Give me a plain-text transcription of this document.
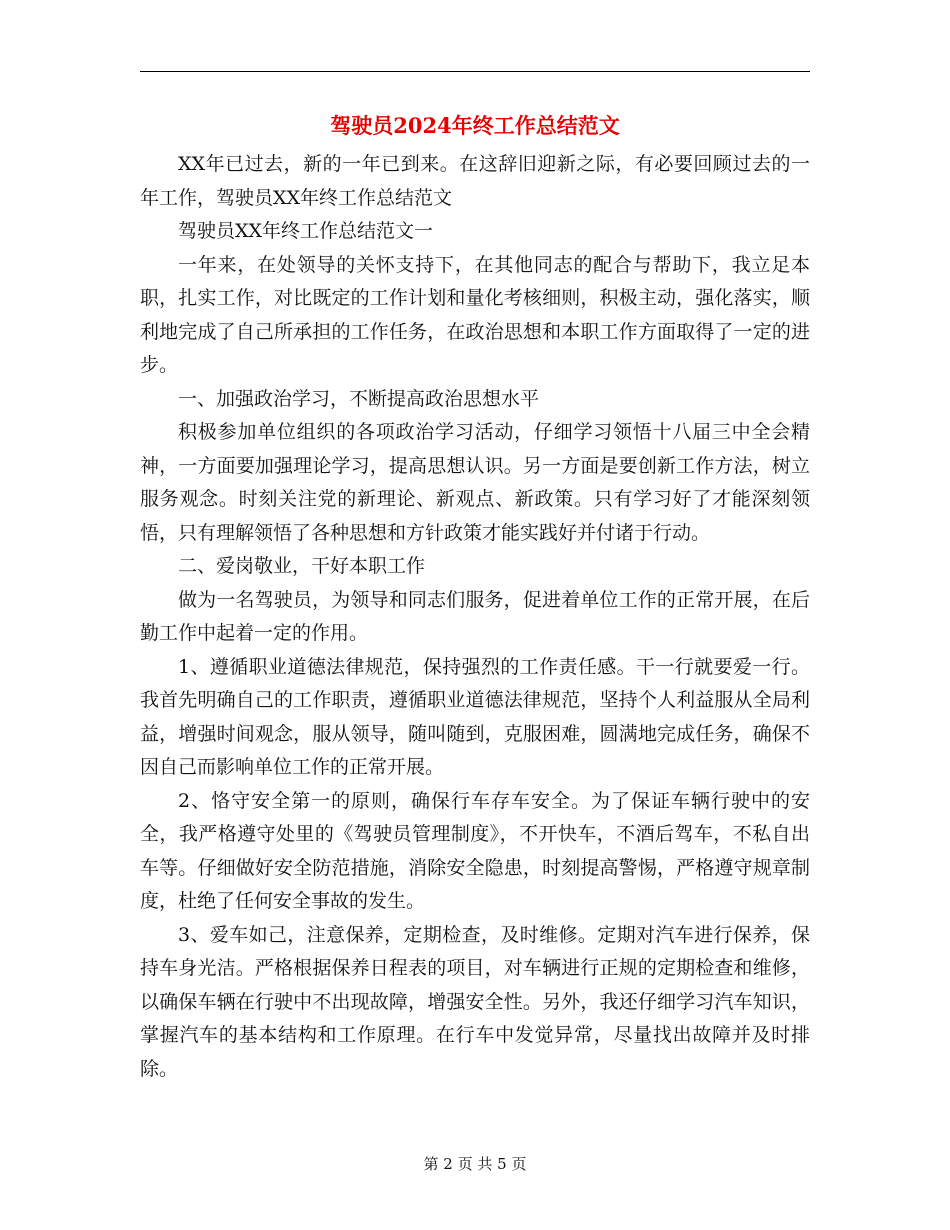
驾驶员2024年终工作总结范文

XX年已过去，新的一年已到来。在这辞旧迎新之际，有必要回顾过去的一年工作，驾驶员XX年终工作总结范文

驾驶员XX年终工作总结范文一

一年来，在处领导的关怀支持下，在其他同志的配合与帮助下，我立足本职，扎实工作，对比既定的工作计划和量化考核细则，积极主动，强化落实，顺利地完成了自己所承担的工作任务，在政治思想和本职工作方面取得了一定的进步。

一、加强政治学习，不断提高政治思想水平

积极参加单位组织的各项政治学习活动，仔细学习领悟十八届三中全会精神，一方面要加强理论学习，提高思想认识。另一方面是要创新工作方法，树立服务观念。时刻关注党的新理论、新观点、新政策。只有学习好了才能深刻领悟，只有理解领悟了各种思想和方针政策才能实践好并付诸于行动。

二、爱岗敬业，干好本职工作

做为一名驾驶员，为领导和同志们服务，促进着单位工作的正常开展，在后勤工作中起着一定的作用。

1、遵循职业道德法律规范，保持强烈的工作责任感。干一行就要爱一行。我首先明确自己的工作职责，遵循职业道德法律规范，坚持个人利益服从全局利益，增强时间观念，服从领导，随叫随到，克服困难，圆满地完成任务，确保不因自己而影响单位工作的正常开展。

2、恪守安全第一的原则，确保行车存车安全。为了保证车辆行驶中的安全，我严格遵守处里的《驾驶员管理制度》，不开快车，不酒后驾车，不私自出车等。仔细做好安全防范措施，消除安全隐患，时刻提高警惕，严格遵守规章制度，杜绝了任何安全事故的发生。

3、爱车如己，注意保养，定期检查，及时维修。定期对汽车进行保养，保持车身光洁。严格根据保养日程表的项目，对车辆进行正规的定期检查和维修，以确保车辆在行驶中不出现故障，增强安全性。另外，我还仔细学习汽车知识，掌握汽车的基本结构和工作原理。在行车中发觉异常，尽量找出故障并及时排除。

第 2 页 共 5 页
